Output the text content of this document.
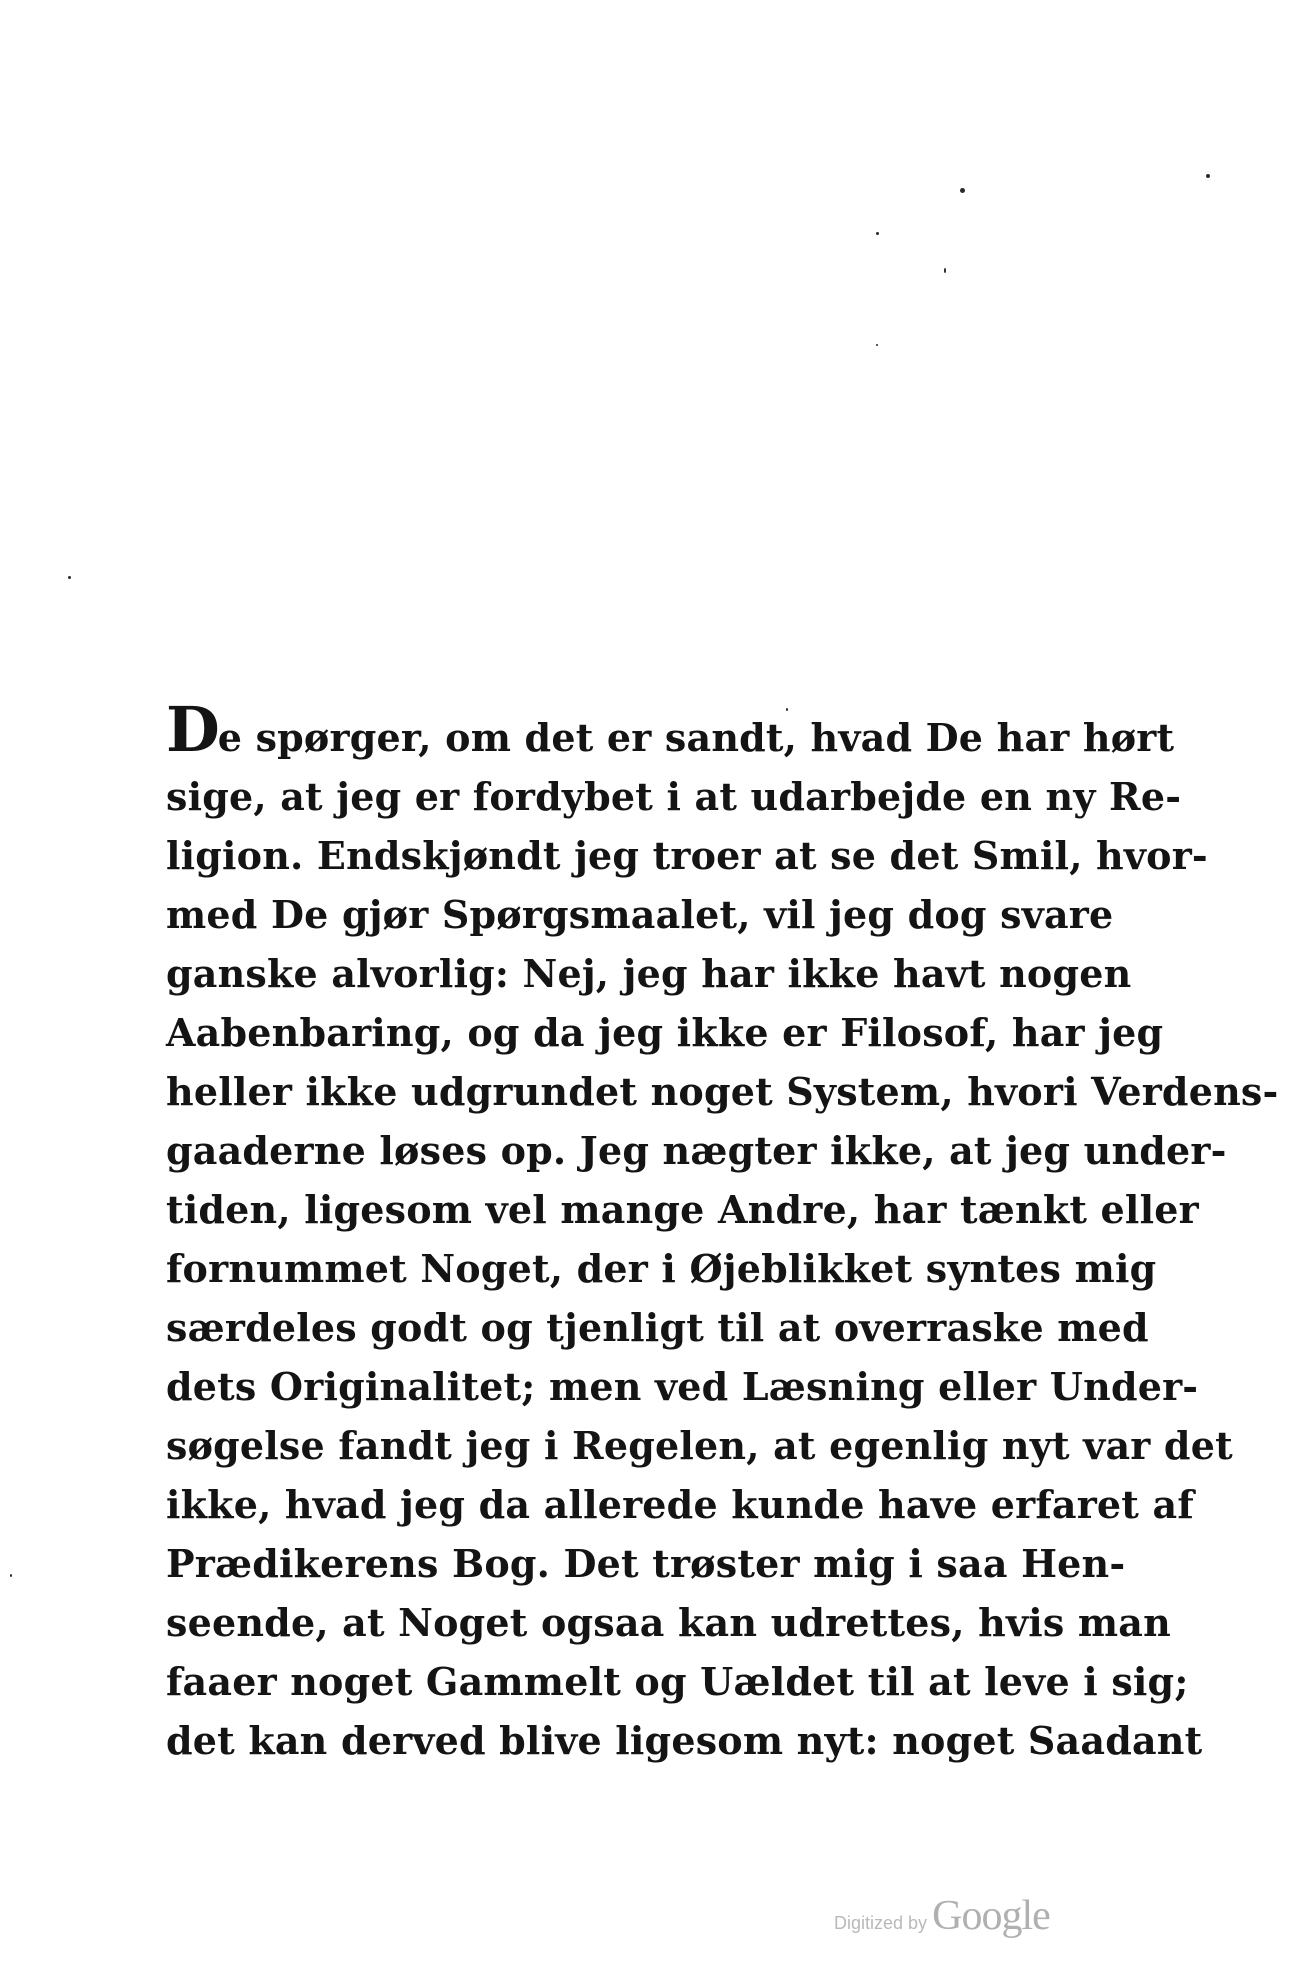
De spørger, om det er sandt, hvad De har hørt
sige, at jeg er fordybet i at udarbejde en ny Re-
ligion. Endskjøndt jeg troer at se det Smil, hvor-
med De gjør Spørgsmaalet, vil jeg dog svare
ganske alvorlig: Nej, jeg har ikke havt nogen
Aabenbaring, og da jeg ikke er Filosof, har jeg
heller ikke udgrundet noget System, hvori Verdens-
gaaderne løses op. Jeg nægter ikke, at jeg under-
tiden, ligesom vel mange Andre, har tænkt eller
fornummet Noget, der i Øjeblikket syntes mig
særdeles godt og tjenligt til at overraske med
dets Originalitet; men ved Læsning eller Under-
søgelse fandt jeg i Regelen, at egenlig nyt var det
ikke, hvad jeg da allerede kunde have erfaret af
Prædikerens Bog. Det trøster mig i saa Hen-
seende, at Noget ogsaa kan udrettes, hvis man
faaer noget Gammelt og Uældet til at leve i sig;
det kan derved blive ligesom nyt: noget Saadant
Digitized by Google
